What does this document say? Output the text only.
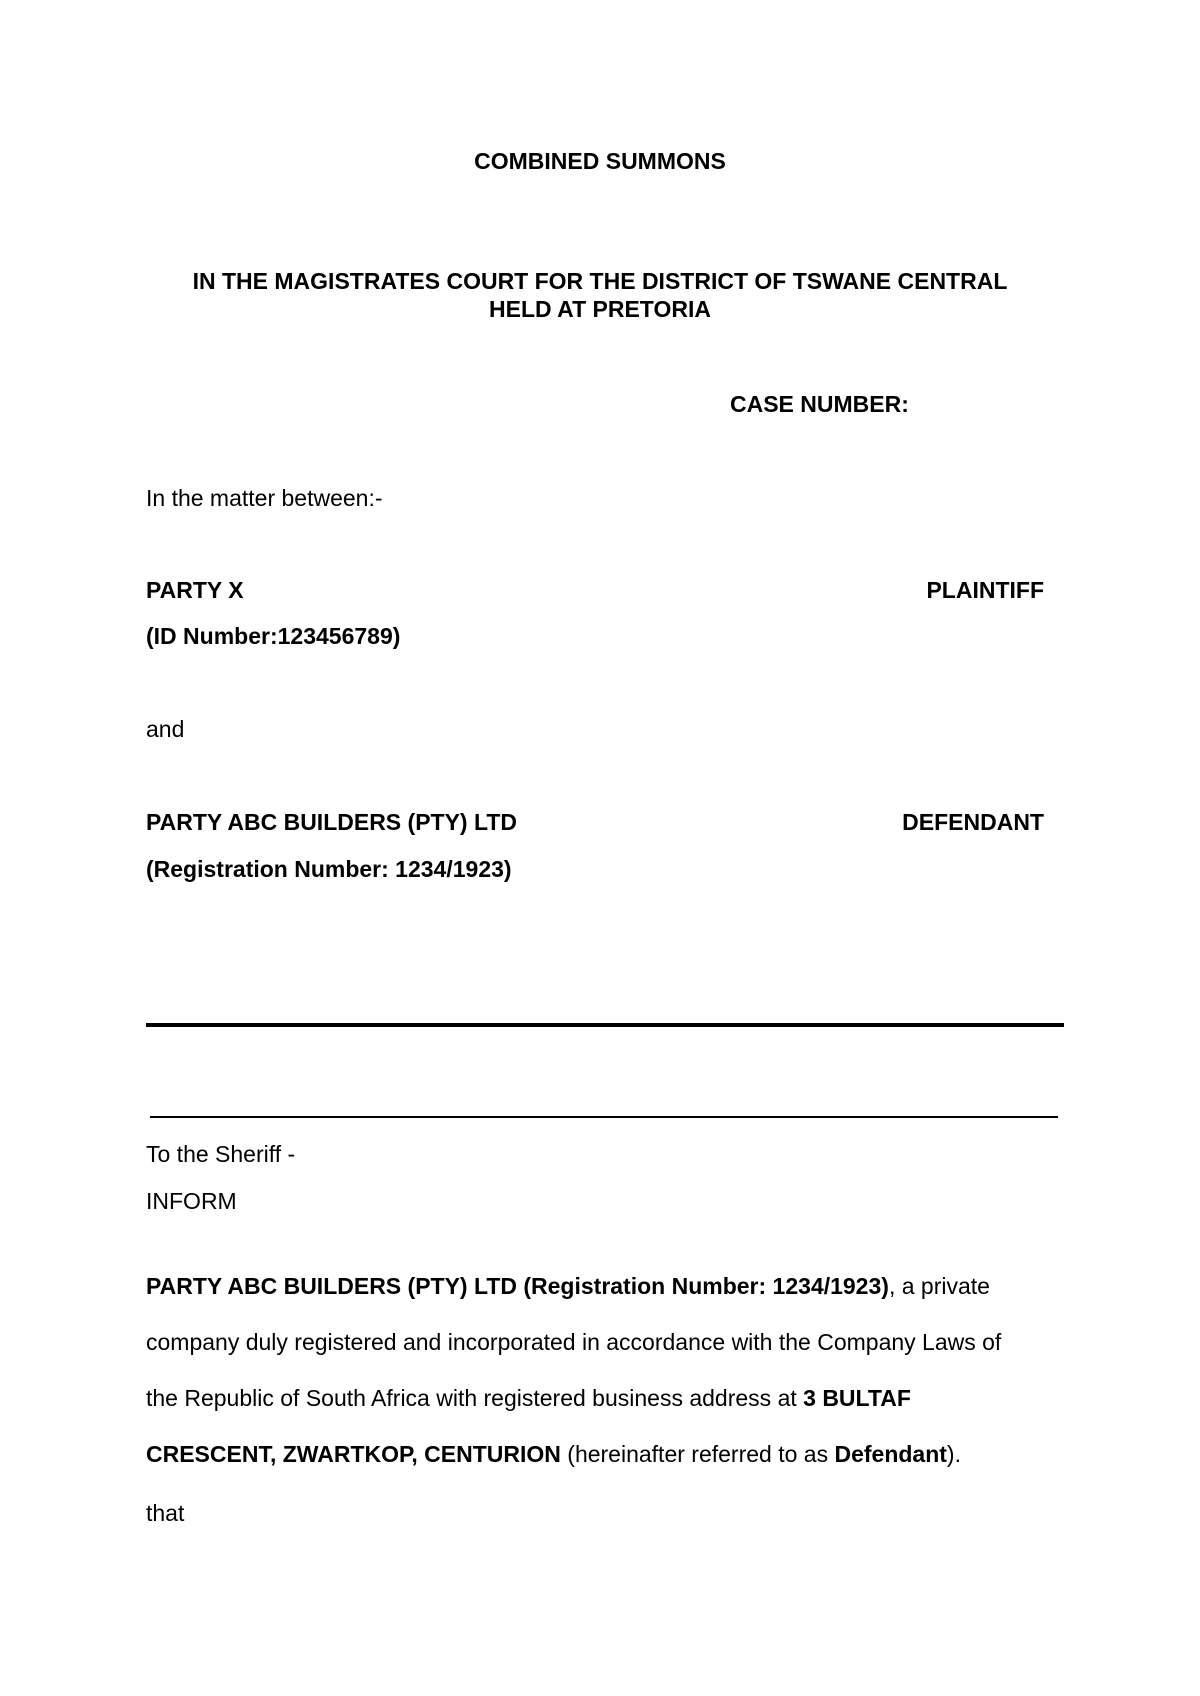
COMBINED SUMMONS
IN THE MAGISTRATES COURT FOR THE DISTRICT OF TSWANE CENTRAL
HELD AT PRETORIA
CASE NUMBER:
In the matter between:-
PARTY X	PLAINTIFF
(ID Number:123456789)
and
PARTY ABC BUILDERS (PTY) LTD	DEFENDANT
(Registration Number: 1234/1923)
To the Sheriff -
INFORM
PARTY ABC BUILDERS (PTY) LTD (Registration Number: 1234/1923), a private
company duly registered and incorporated in accordance with the Company Laws of
the Republic of South Africa with registered business address at 3 BULTAF
CRESCENT, ZWARTKOP, CENTURION (hereinafter referred to as Defendant).
that
